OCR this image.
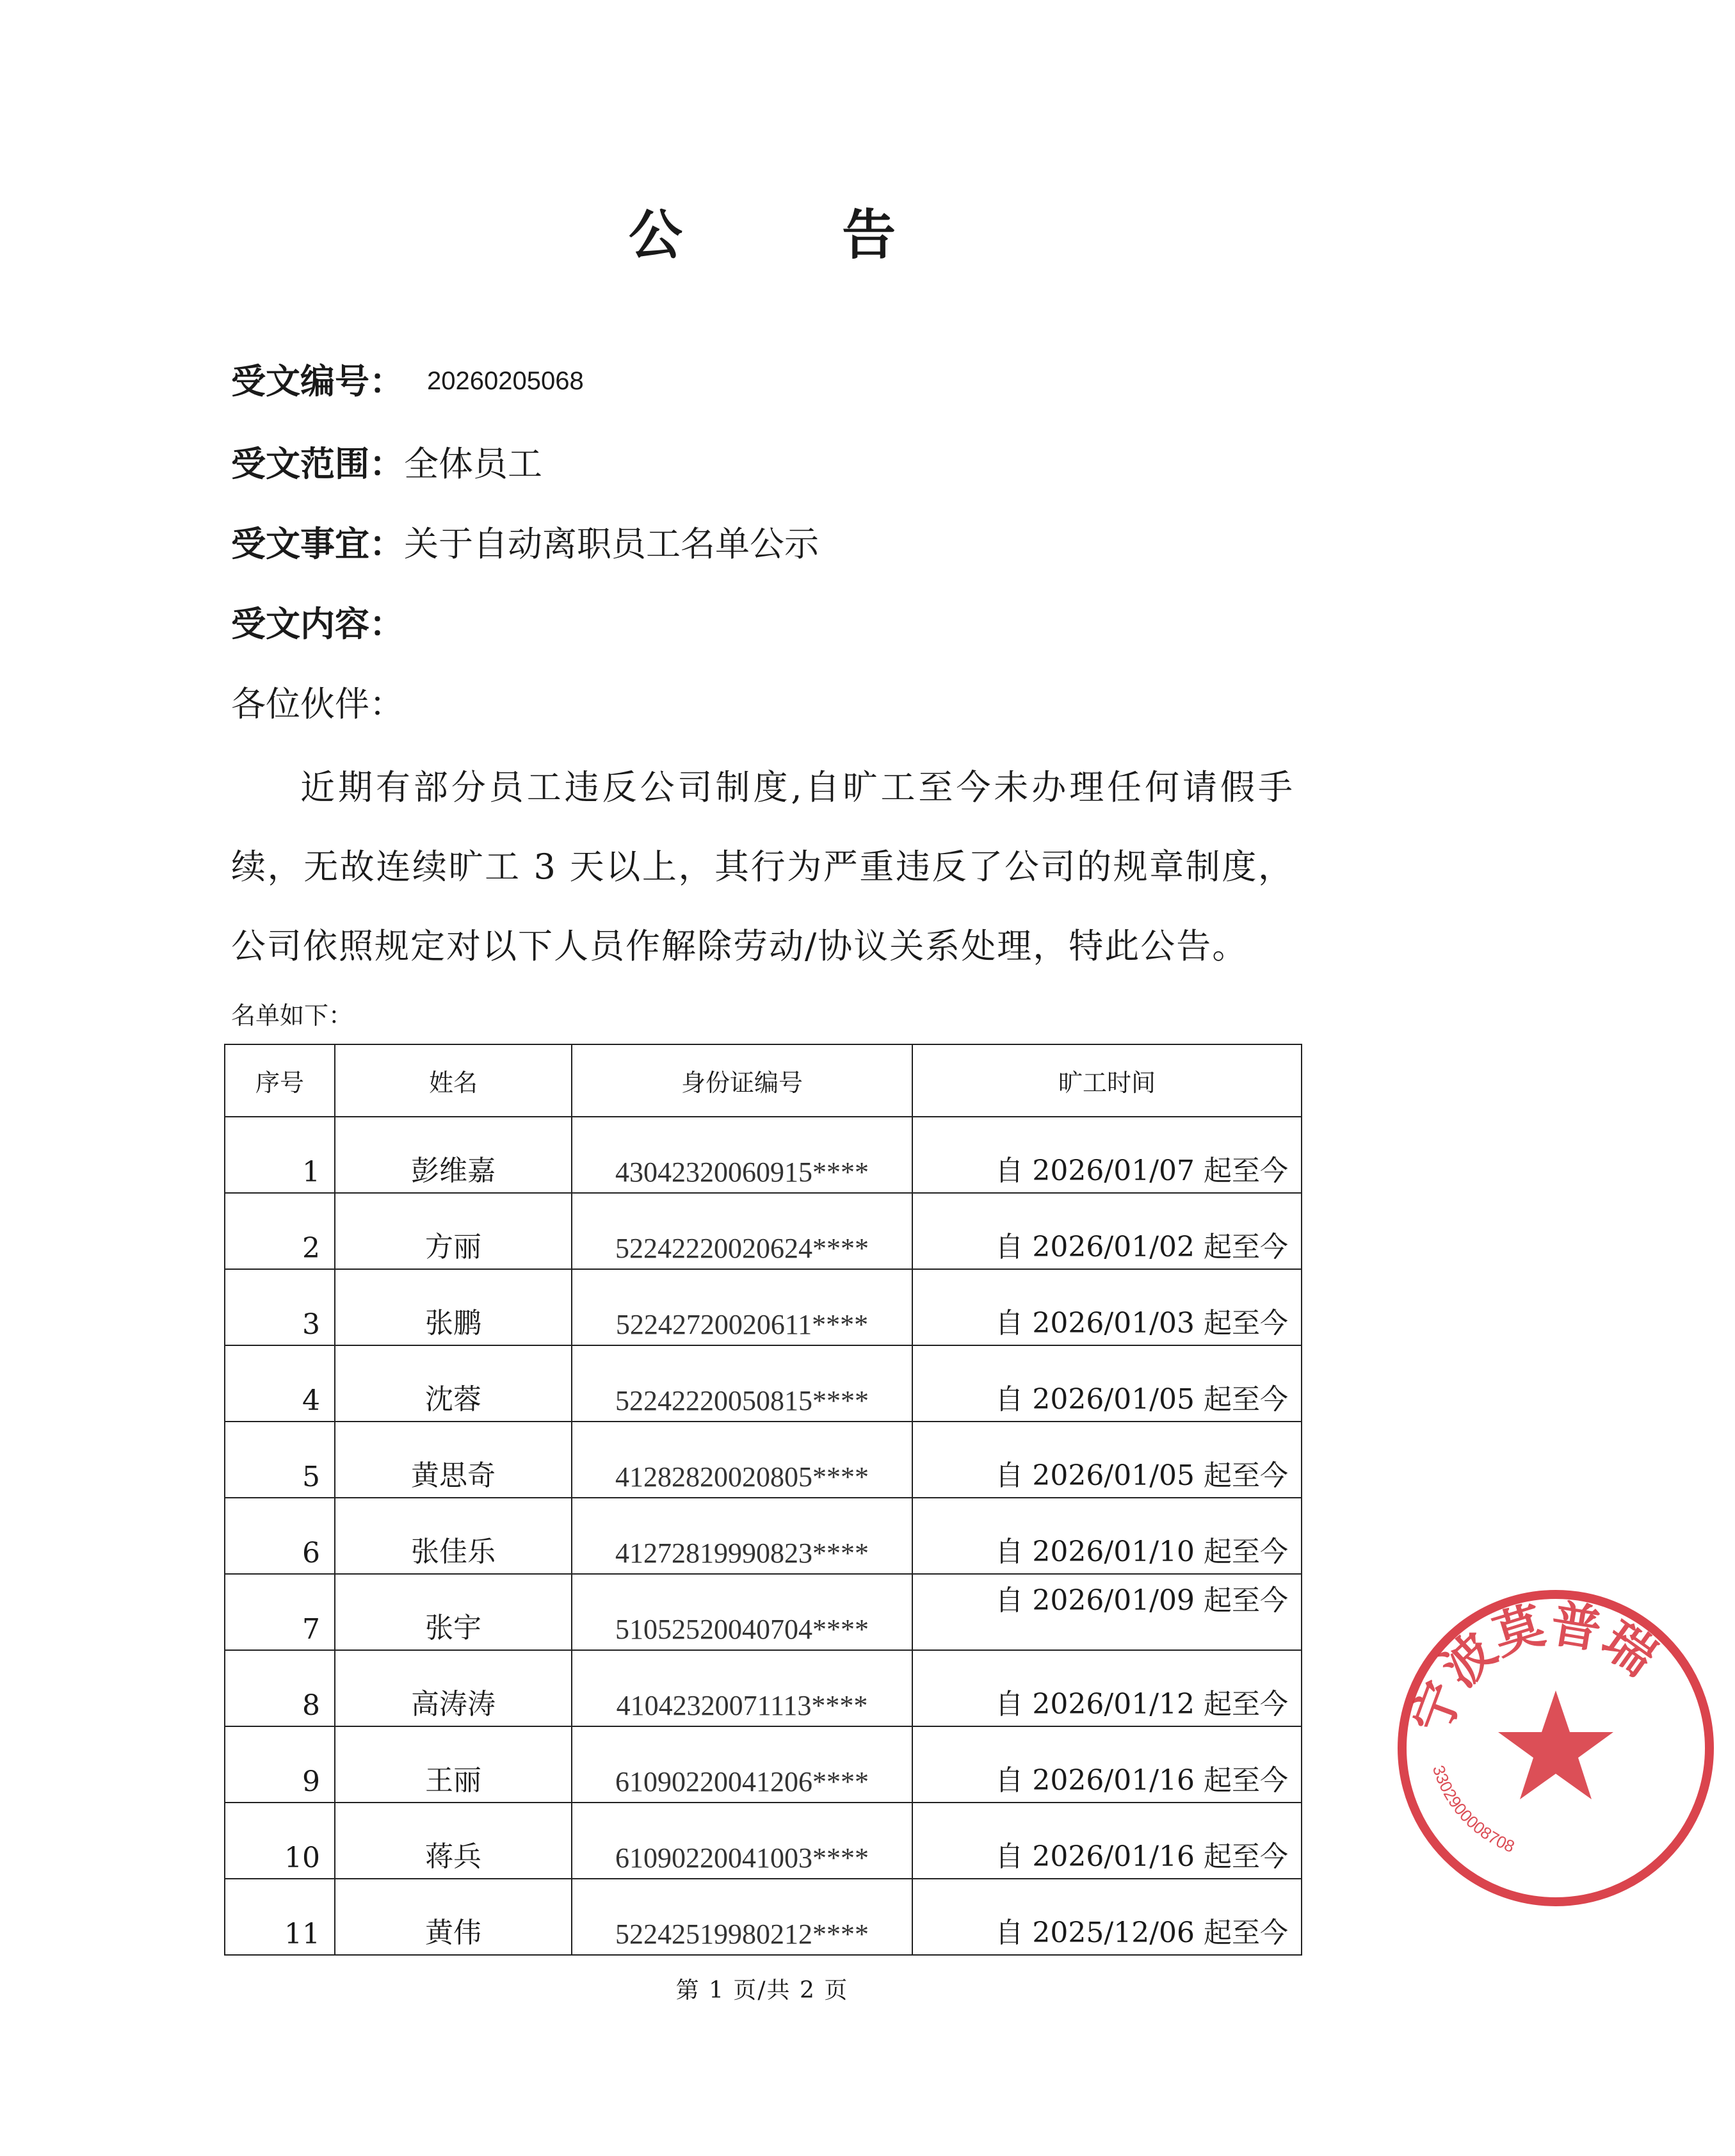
公 告
受文编号： 20260205068
受文范围：全体员工
受文事宜：关于自动离职员工名单公示
受文内容：
各位伙伴：
近期有部分员工违反公司制度,自旷工至今未办理任何请假手续，无故连续旷工 3 天以上，其行为严重违反了公司的规章制度，公司依照规定对以下人员作解除劳动/协议关系处理，特此公告。
名单如下：
序号	姓名	身份证编号	旷工时间
1	彭维嘉	43042320060915****	自 2026/01/07 起至今
2	方丽	52242220020624****	自 2026/01/02 起至今
3	张鹏	52242720020611****	自 2026/01/03 起至今
4	沈蓉	52242220050815****	自 2026/01/05 起至今
5	黄思奇	41282820020805****	自 2026/01/05 起至今
6	张佳乐	41272819990823****	自 2026/01/10 起至今
7	张宇	51052520040704****	自 2026/01/09 起至今
8	高涛涛	41042320071113****	自 2026/01/12 起至今
9	王丽	61090220041206****	自 2026/01/16 起至今
10	蒋兵	61090220041003****	自 2026/01/16 起至今
11	黄伟	52242519980212****	自 2025/12/06 起至今
第 1 页/共 2 页
宁波莫普瑞
3302900008708
